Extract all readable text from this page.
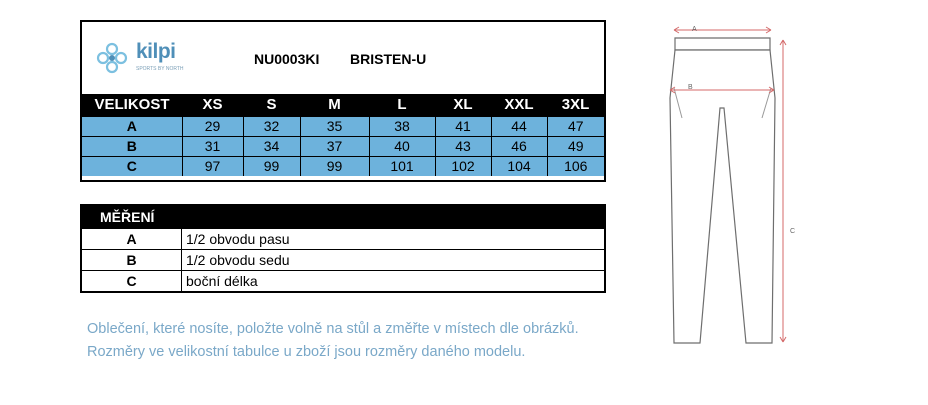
kilpi
SPORTS BY NORTH
NU0003KI BRISTEN-U
VELIKOST	XS	S	M	L	XL	XXL	3XL
A	29	32	35	38	41	44	47
B	31	34	37	40	43	46	49
C	97	99	99	101	102	104	106
MĚŘENÍ
A	1/2 obvodu pasu
B	1/2 obvodu sedu
C	boční délka
Oblečení, které nosíte, položte volně na stůl a změřte v místech dle obrázků.
Rozměry ve velikostní tabulce u zboží jsou rozměry daného modelu.
A
B
C
